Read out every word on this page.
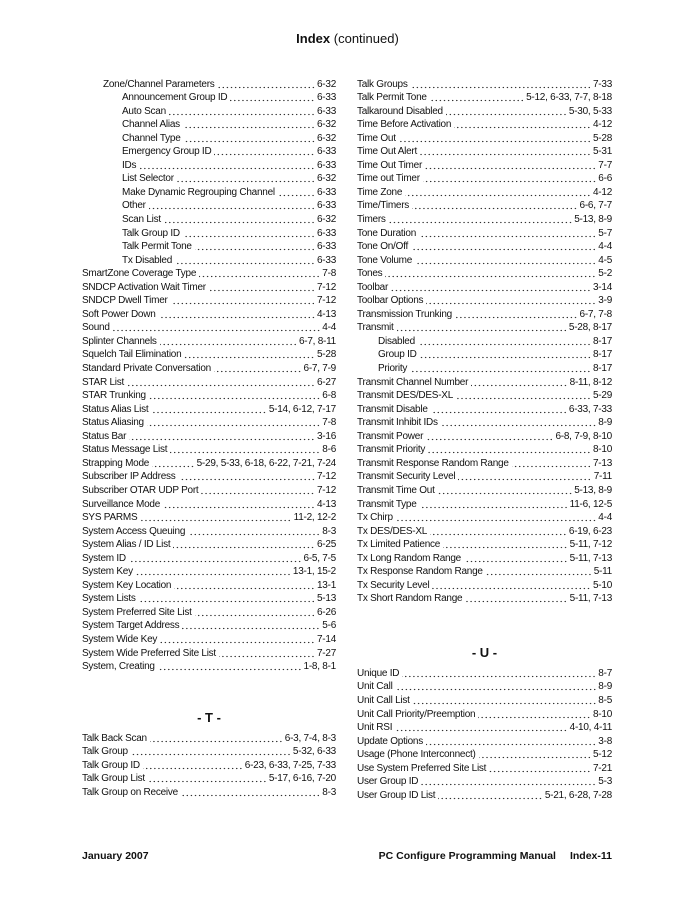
Index (continued)
Zone/Channel Parameters	6-32
Announcement Group ID	6-33
Auto Scan	6-33
Channel Alias	6-32
Channel Type	6-32
Emergency Group ID	6-33
IDs	6-33
List Selector	6-32
Make Dynamic Regrouping Channel	6-33
Other	6-33
Scan List	6-32
Talk Group ID	6-33
Talk Permit Tone	6-33
Tx Disabled	6-33
SmartZone Coverage Type	7-8
SNDCP Activation Wait Timer	7-12
SNDCP Dwell Timer	7-12
Soft Power Down	4-13
Sound	4-4
Splinter Channels	6-7, 8-11
Squelch Tail Elimination	5-28
Standard Private Conversation	6-7, 7-9
STAR List	6-27
STAR Trunking	6-8
Status Alias List	5-14, 6-12, 7-17
Status Aliasing	7-8
Status Bar	3-16
Status Message List	8-6
Strapping Mode	5-29, 5-33, 6-18, 6-22, 7-21, 7-24
Subscriber IP Address	7-12
Subscriber OTAR UDP Port	7-12
Surveillance Mode	4-13
SYS PARMS	11-2, 12-2
System Access Queuing	8-3
System Alias / ID List	6-25
System ID	6-5, 7-5
System Key	13-1, 15-2
System Key Location	13-1
System Lists	5-13
System Preferred Site List	6-26
System Target Address	5-6
System Wide Key	7-14
System Wide Preferred Site List	7-27
System, Creating	1-8, 8-1
- T -
Talk Back Scan	6-3, 7-4, 8-3
Talk Group	5-32, 6-33
Talk Group ID	6-23, 6-33, 7-25, 7-33
Talk Group List	5-17, 6-16, 7-20
Talk Group on Receive	8-3
Talk Groups	7-33
Talk Permit Tone	5-12, 6-33, 7-7, 8-18
Talkaround Disabled	5-30, 5-33
Time Before Activation	4-12
Time Out	5-28
Time Out Alert	5-31
Time Out Timer	7-7
Time out Timer	6-6
Time Zone	4-12
Time/Timers	6-6, 7-7
Timers	5-13, 8-9
Tone Duration	5-7
Tone On/Off	4-4
Tone Volume	4-5
Tones	5-2
Toolbar	3-14
Toolbar Options	3-9
Transmission Trunking	6-7, 7-8
Transmit	5-28, 8-17
Disabled	8-17
Group ID	8-17
Priority	8-17
Transmit Channel Number	8-11, 8-12
Transmit DES/DES-XL	5-29
Transmit Disable	6-33, 7-33
Transmit Inhibit IDs	8-9
Transmit Power	6-8, 7-9, 8-10
Transmit Priority	8-10
Transmit Response Random Range	7-13
Transmit Security Level	7-11
Transmit Time Out	5-13, 8-9
Transmit Type	11-6, 12-5
Tx Chirp	4-4
Tx DES/DES-XL	6-19, 6-23
Tx Limited Patience	5-11, 7-12
Tx Long Random Range	5-11, 7-13
Tx Response Random Range	5-11
Tx Security Level	5-10
Tx Short Random Range	5-11, 7-13
- U -
Unique ID	8-7
Unit Call	8-9
Unit Call List	8-5
Unit Call Priority/Preemption	8-10
Unit RSI	4-10, 4-11
Update Options	3-8
Usage (Phone Interconnect)	5-12
Use System Preferred Site List	7-21
User Group ID	5-3
User Group ID List	5-21, 6-28, 7-28
January 2007	PC Configure Programming Manual Index-11
